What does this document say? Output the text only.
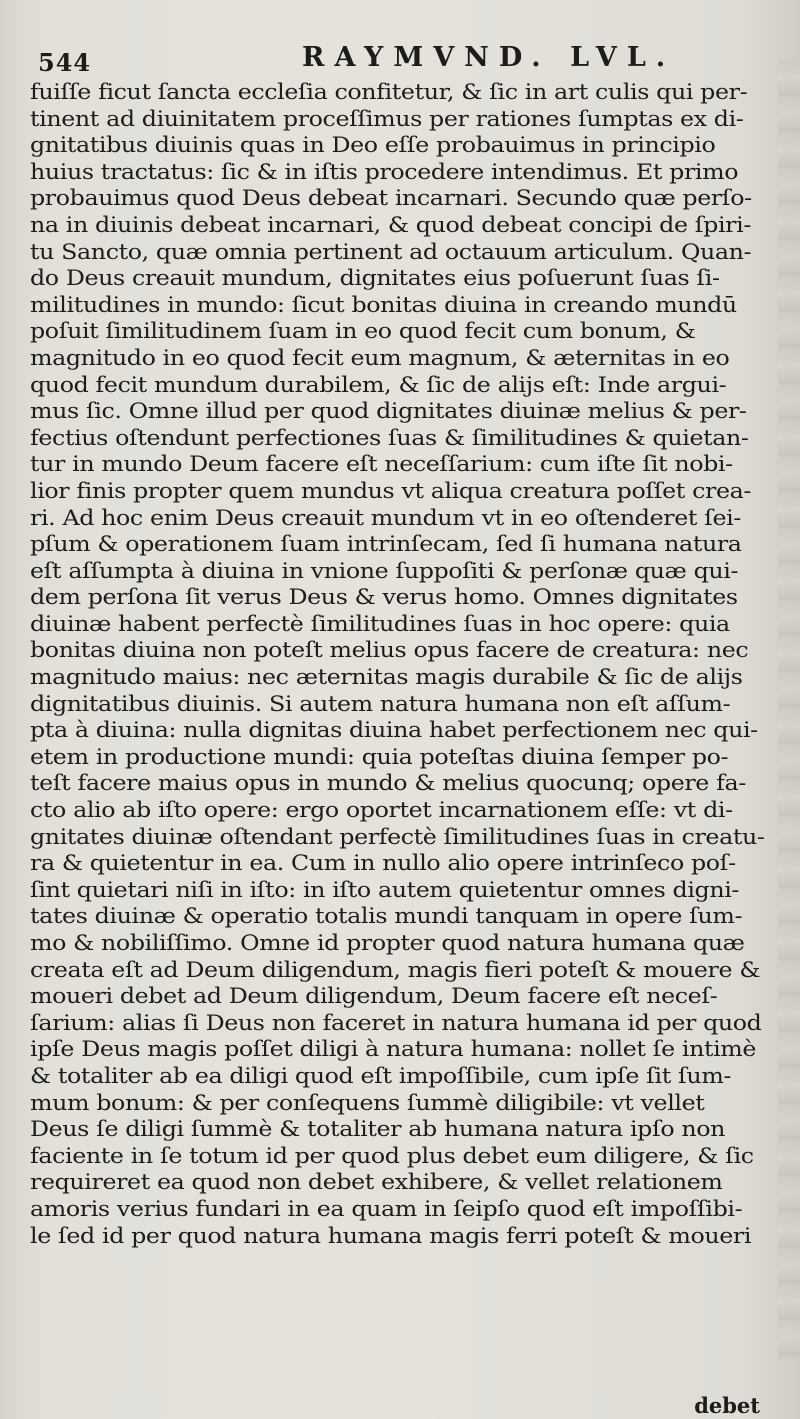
544	RAYMVND. LVL.
fuiſſe ficut ſancta eccleſia confitetur, & ſic in art culis qui per-
tinent ad diuinitatem proceſſimus per rationes ſumptas ex di-
gnitatibus diuinis quas in Deo eſſe probauimus in principio
huius tractatus: ſic & in iſtis procedere intendimus. Et primo
probauimus quod Deus debeat incarnari. Secundo quæ perſo-
na in diuinis debeat incarnari, & quod debeat concipi de ſpiri-
tu Sancto, quæ omnia pertinent ad octauum articulum. Quan-
do Deus creauit mundum, dignitates eius poſuerunt ſuas ſi-
militudines in mundo: ſicut bonitas diuina in creando mundū
poſuit ſimilitudinem ſuam in eo quod fecit cum bonum, &
magnitudo in eo quod fecit eum magnum, & æternitas in eo
quod fecit mundum durabilem, & ſic de alijs eſt: Inde argui-
mus ſic. Omne illud per quod dignitates diuinæ melius & per-
fectius oſtendunt perfectiones ſuas & ſimilitudines & quietan-
tur in mundo Deum facere eſt neceſſarium: cum iſte ſit nobi-
lior finis propter quem mundus vt aliqua creatura poſſet crea-
ri. Ad hoc enim Deus creauit mundum vt in eo oſtenderet ſei-
pſum & operationem ſuam intrinſecam, ſed ſi humana natura
eſt aſſumpta à diuina in vnione ſuppoſiti & perſonæ quæ qui-
dem perſona ſit verus Deus & verus homo. Omnes dignitates
diuinæ habent perfectè ſimilitudines ſuas in hoc opere: quia
bonitas diuina non poteſt melius opus facere de creatura: nec
magnitudo maius: nec æternitas magis durabile & ſic de alijs
dignitatibus diuinis. Si autem natura humana non eſt aſſum-
pta à diuina: nulla dignitas diuina habet perfectionem nec qui-
etem in productione mundi: quia poteſtas diuina ſemper po-
teſt facere maius opus in mundo & melius quocunq; opere fa-
cto alio ab iſto opere: ergo oportet incarnationem eſſe: vt di-
gnitates diuinæ oſtendant perfectè ſimilitudines ſuas in creatu-
ra & quietentur in ea. Cum in nullo alio opere intrinſeco poſ-
ſint quietari niſi in iſto: in iſto autem quietentur omnes digni-
tates diuinæ & operatio totalis mundi tanquam in opere ſum-
mo & nobiliſſimo. Omne id propter quod natura humana quæ
creata eſt ad Deum diligendum, magis fieri poteſt & mouere &
moueri debet ad Deum diligendum, Deum facere eſt neceſ-
ſarium: alias ſi Deus non faceret in natura humana id per quod
ipſe Deus magis poſſet diligi à natura humana: nollet ſe intimè
& totaliter ab ea diligi quod eſt impoſſibile, cum ipſe ſit ſum-
mum bonum: & per conſequens ſummè diligibile: vt vellet
Deus ſe diligi ſummè & totaliter ab humana natura ipſo non
faciente in ſe totum id per quod plus debet eum diligere, & ſic
requireret ea quod non debet exhibere, & vellet relationem
amoris verius fundari in ea quam in ſeipſo quod eſt impoſſibi-
le ſed id per quod natura humana magis ferri poteſt & moueri
debet
